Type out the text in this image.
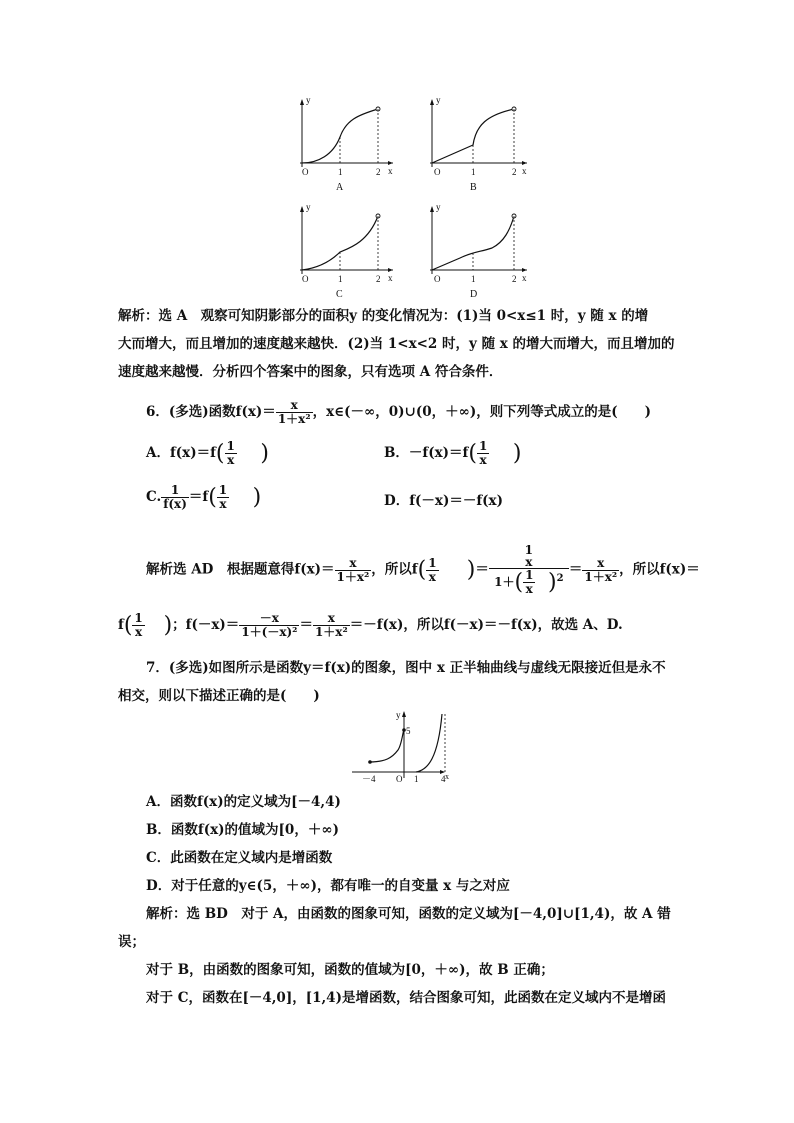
y
x
O	1	2
A
y
x
O	1	2
B
y
x
O	1	2
C
y
x
O	1	2
D
解析：选 A　观察可知阴影部分的面积y 的变化情况为：(1)当 0<x≤1 时，y 随 x 的增
大而增大，而且增加的速度越来越快．(2)当 1<x<2 时，y 随 x 的增大而增大，而且增加的
速度越来越慢．分析四个答案中的图象，只有选项 A 符合条件．
6．(多选)函数$f(x)= \frac{x}{\text{1＋x²}}$ ，x∈(－∞，0)∪(0，＋∞)，则下列等式成立的是(　　)
A．$f(x)=f( \frac{1}{x}$ )	B．$-f(x)=f( \frac{1}{x}$ )
C. $\frac{1}{f(x)} =f( \frac{1}{x}$ )	D．f(－x)＝－f(x)
解析选 AD　根据题意得$f(x)= \frac{x}{\text{1＋x²}}$ ，所以$f( \frac{1}{x}$ )＝
1
x
$1+( \frac{1}{x} )^2$
＝ $\frac{x}{\text{1＋x²}}$ ，所以f(x)＝
$f( \frac{1}{x}$ )；$f(-x)= \frac{-x}{\text{1＋(－x)²}} = \frac{x}{\text{1＋x²}} =-f(x)$，所以f(－x)＝－f(x)，故选 A、D.
7．(多选)如图所示是函数y＝f(x)的图象，图中 x 正半轴曲线与虚线无限接近但是永不
相交，则以下描述正确的是(　　)
y
5
－4 O 1	4 x
A．函数f(x)的定义域为[－4,4)
B．函数f(x)的值域为[0，＋∞)
C．此函数在定义域内是增函数
D．对于任意的y∈(5，＋∞)，都有唯一的自变量 x 与之对应
解析：选 BD　对于 A，由函数的图象可知，函数的定义域为[－4,0]∪[1,4)，故 A 错
误；
对于 B，由函数的图象可知，函数的值域为[0，＋∞)，故 B 正确；
对于 C，函数在[－4,0]，[1,4)是增函数，结合图象可知，此函数在定义域内不是增函
